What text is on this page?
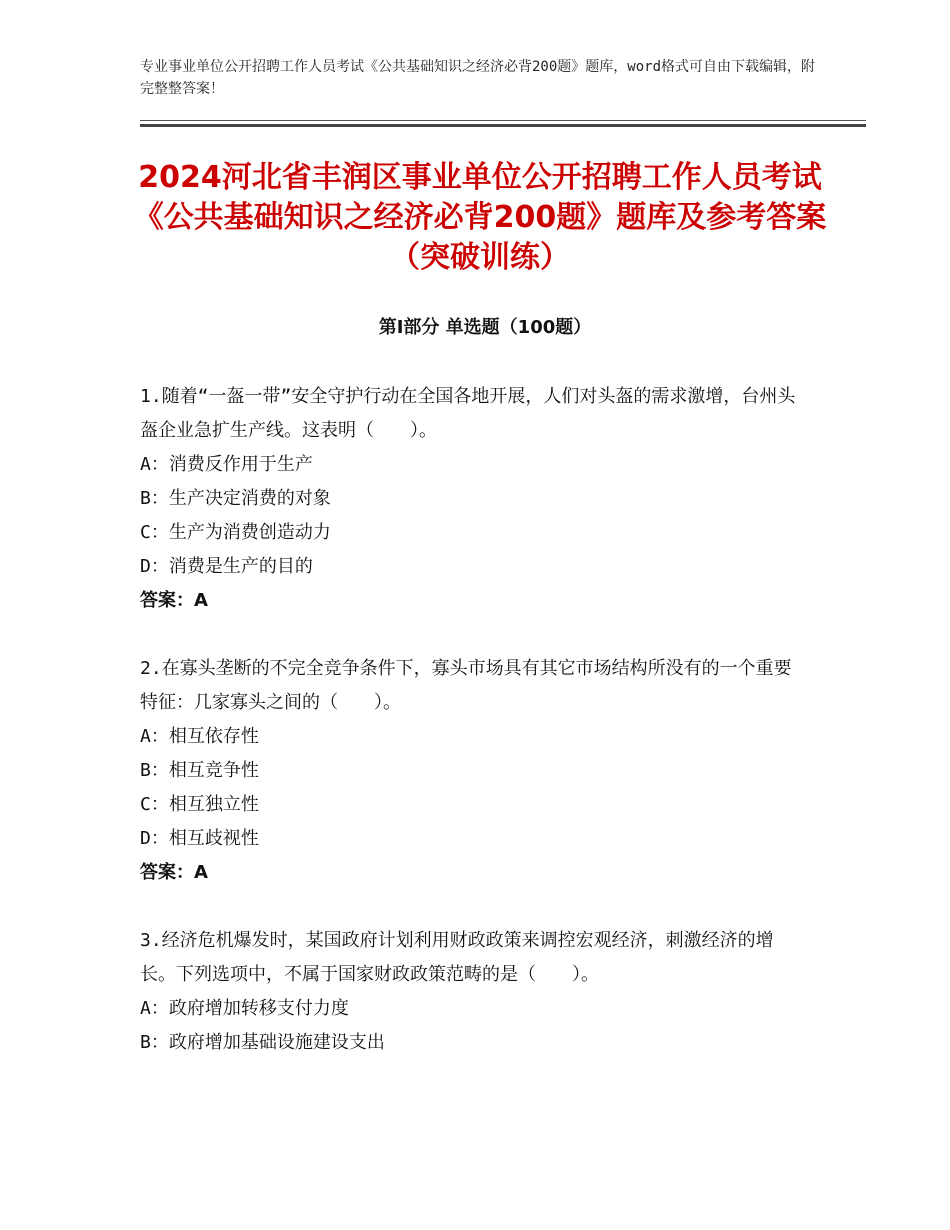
专业事业单位公开招聘工作人员考试《公共基础知识之经济必背200题》题库，word格式可自由下载编辑，附完整整答案！
2024河北省丰润区事业单位公开招聘工作人员考试《公共基础知识之经济必背200题》题库及参考答案（突破训练）
第Ⅰ部分 单选题（100题）
1.随着“一盔一带”安全守护行动在全国各地开展，人们对头盔的需求激增，台州头盔企业急扩生产线。这表明（　　）。
A：消费反作用于生产
B：生产决定消费的对象
C：生产为消费创造动力
D：消费是生产的目的
答案：A
2.在寡头垄断的不完全竞争条件下，寡头市场具有其它市场结构所没有的一个重要特征：几家寡头之间的（　　）。
A：相互依存性
B：相互竞争性
C：相互独立性
D：相互歧视性
答案：A
3.经济危机爆发时，某国政府计划利用财政政策来调控宏观经济，刺激经济的增长。下列选项中，不属于国家财政政策范畴的是（　　）。
A：政府增加转移支付力度
B：政府增加基础设施建设支出
